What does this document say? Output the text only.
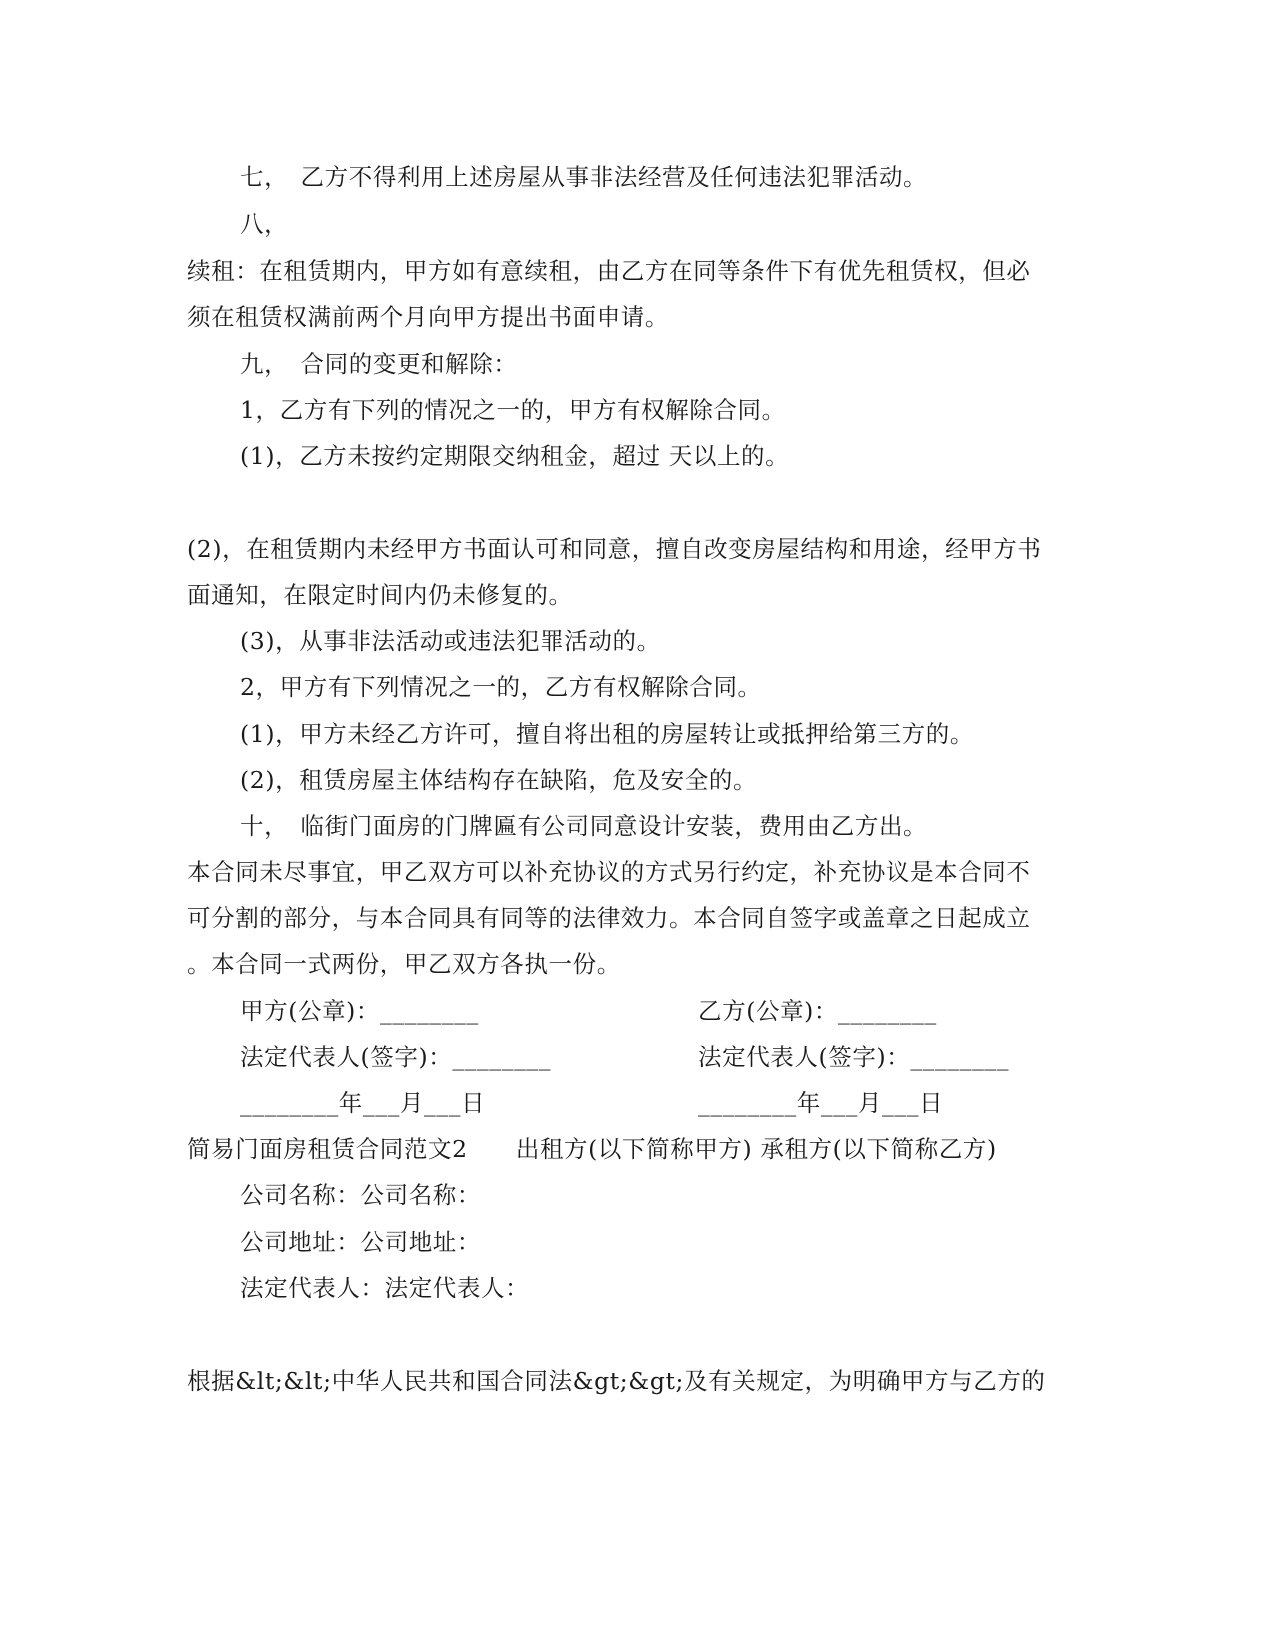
七，　乙方不得利用上述房屋从事非法经营及任何违法犯罪活动。
八，
续租：在租赁期内，甲方如有意续租，由乙方在同等条件下有优先租赁权，但必
须在租赁权满前两个月向甲方提出书面申请。
九，　合同的变更和解除：
1，乙方有下列的情况之一的，甲方有权解除合同。
(1)，乙方未按约定期限交纳租金，超过 天以上的。
(2)，在租赁期内未经甲方书面认可和同意，擅自改变房屋结构和用途，经甲方书
面通知，在限定时间内仍未修复的。
(3)，从事非法活动或违法犯罪活动的。
2，甲方有下列情况之一的，乙方有权解除合同。
(1)，甲方未经乙方许可，擅自将出租的房屋转让或抵押给第三方的。
(2)，租赁房屋主体结构存在缺陷，危及安全的。
十，　临街门面房的门牌匾有公司同意设计安装，费用由乙方出。
本合同未尽事宜，甲乙双方可以补充协议的方式另行约定，补充协议是本合同不
可分割的部分，与本合同具有同等的法律效力。本合同自签字或盖章之日起成立
。本合同一式两份，甲乙双方各执一份。
甲方(公章)：________	乙方(公章)：________
法定代表人(签字)：________	法定代表人(签字)：________
________年___月___日	________年___月___日
简易门面房租赁合同范文2　　出租方(以下简称甲方) 承租方(以下简称乙方)
公司名称：公司名称：
公司地址：公司地址：
法定代表人：法定代表人：
根据&lt;&lt;中华人民共和国合同法&gt;&gt;及有关规定，为明确甲方与乙方的
